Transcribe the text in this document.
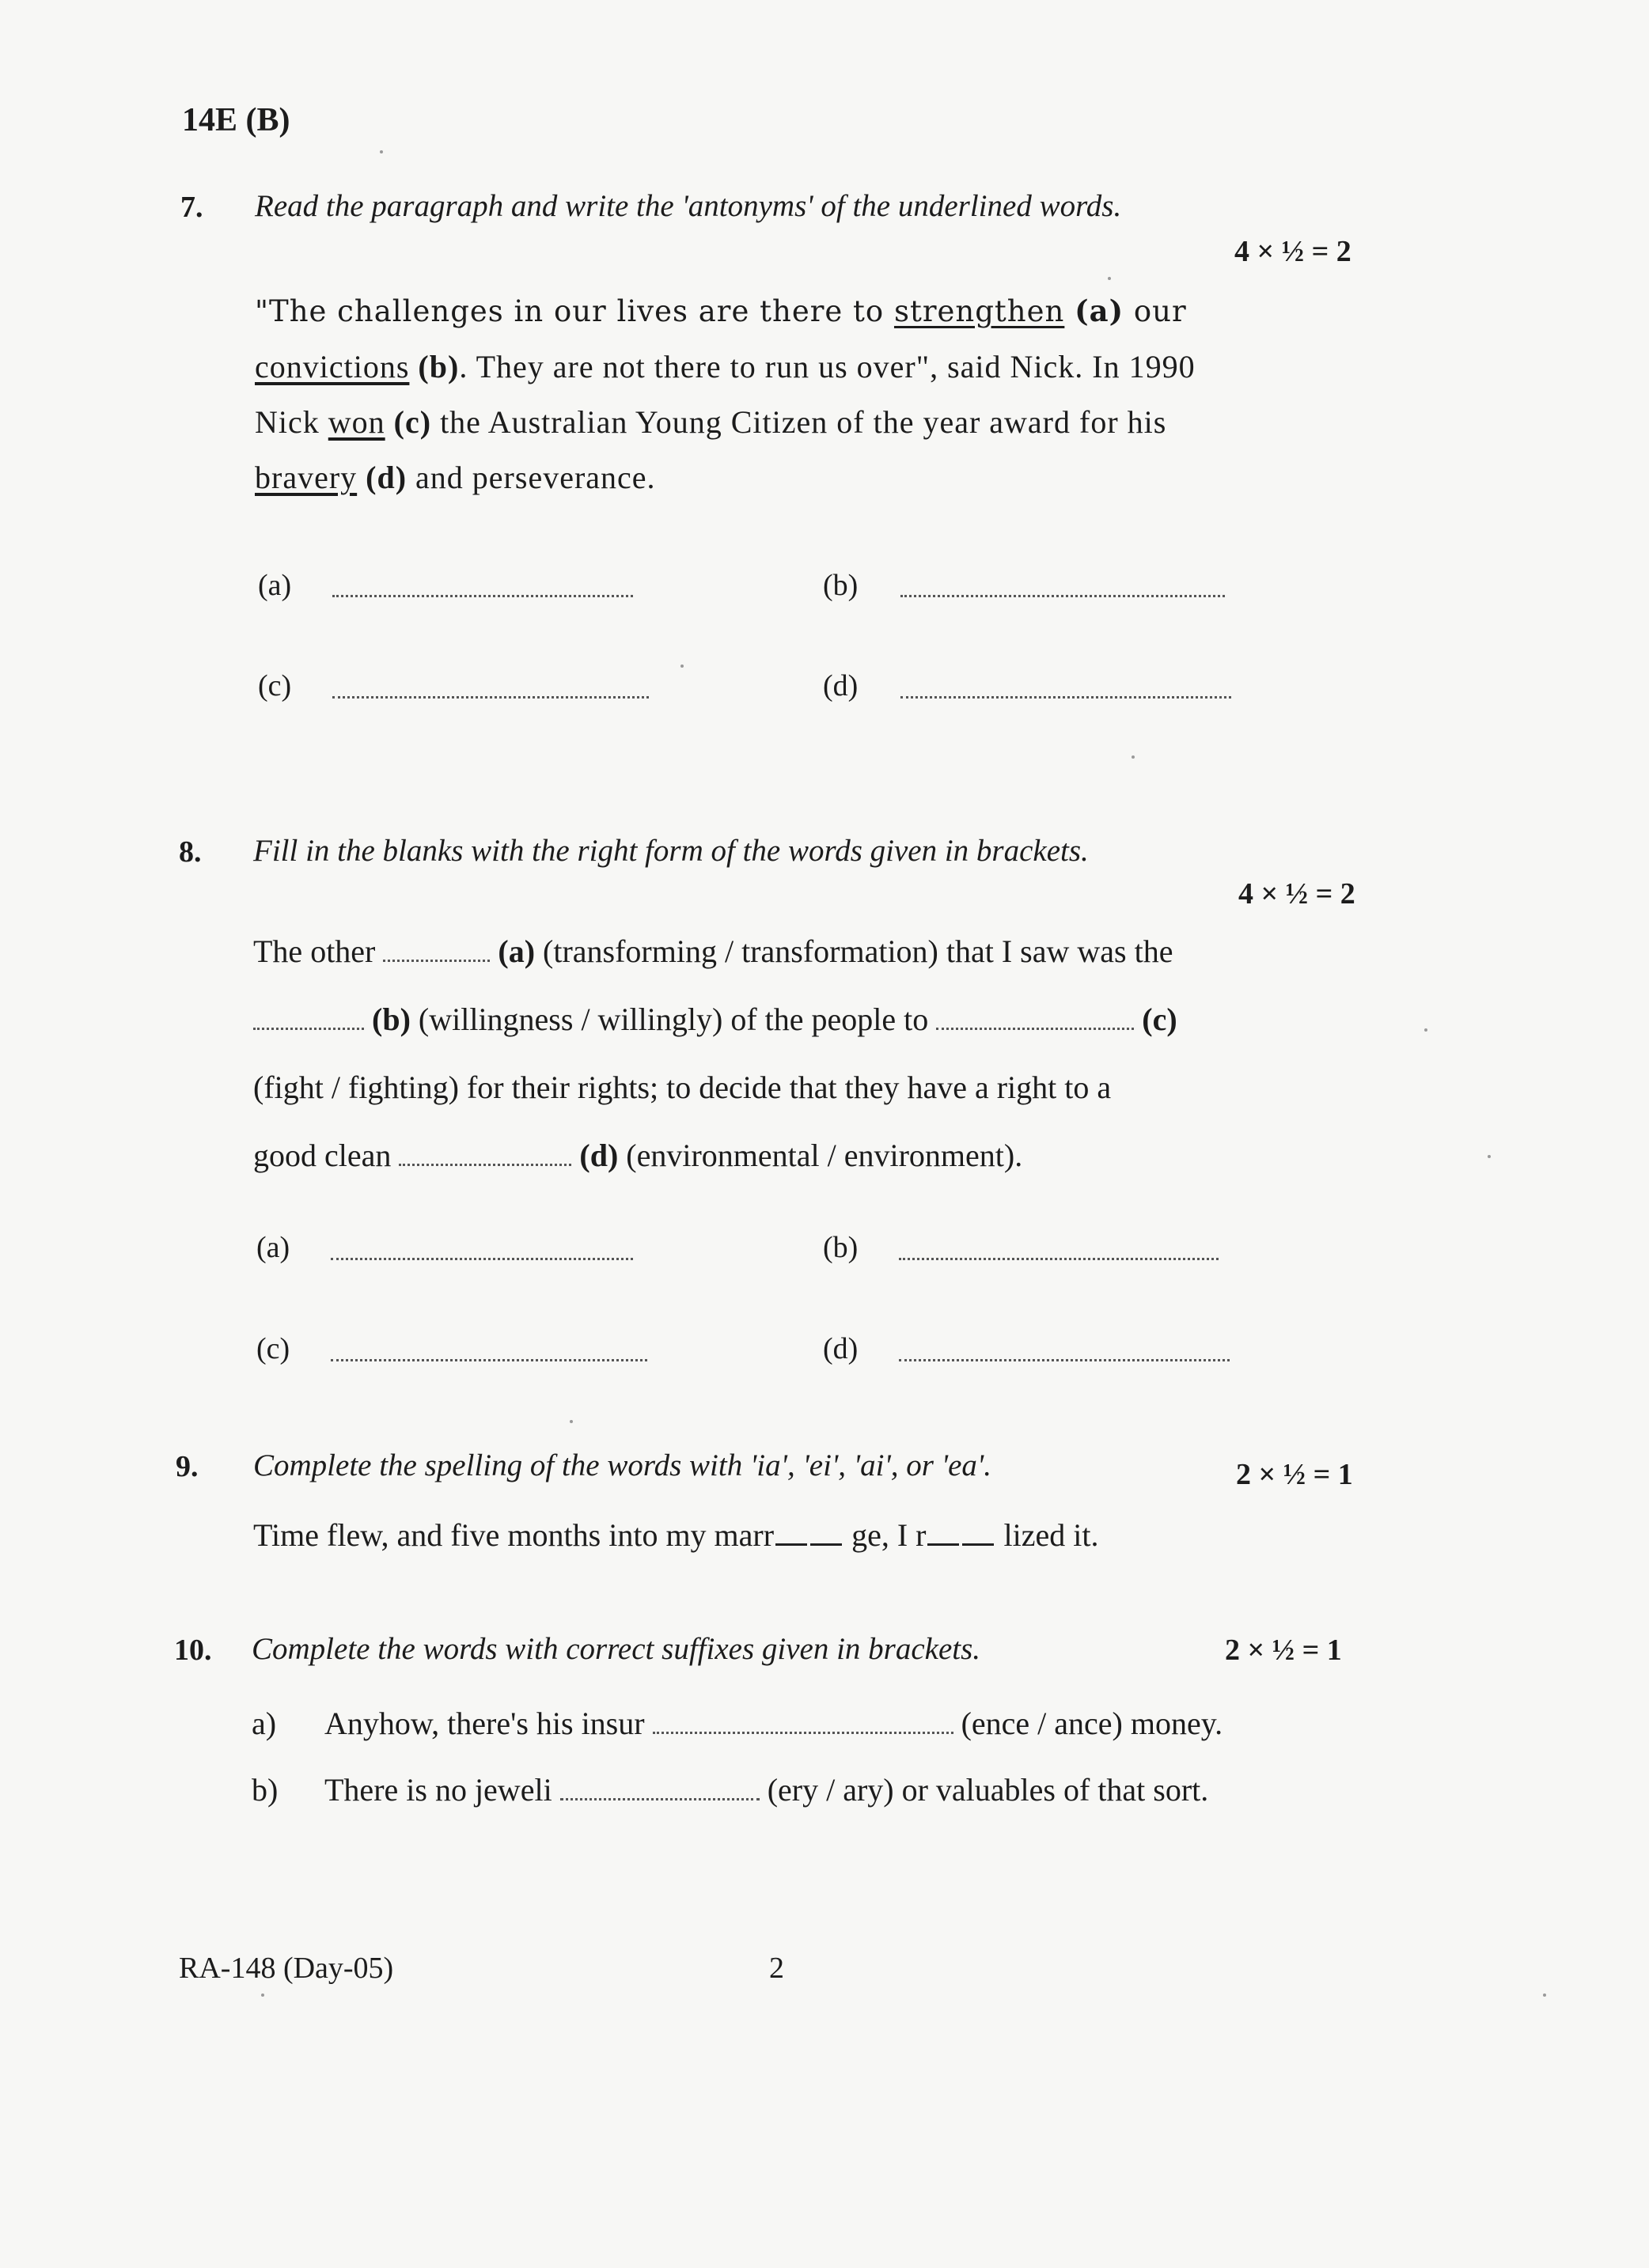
14E (B)
7. Read the paragraph and write the 'antonyms' of the underlined words.
4 × ½ = 2
"The challenges in our lives are there to strengthen (a) our
convictions (b). They are not there to run us over", said Nick. In 1990
Nick won (c) the Australian Young Citizen of the year award for his
bravery (d) and perseverance.
(a)	(b)
(c)	(d)
8. Fill in the blanks with the right form of the words given in brackets.
4 × ½ = 2
The other	(a) (transforming / transformation) that I saw was the
(b) (willingness / willingly) of the people to	(c)
(fight / fighting) for their rights; to decide that they have a right to a
good clean	(d) (environmental / environment).
(a)	(b)
(c)	(d)
9. Complete the spelling of the words with 'ia', 'ei', 'ai', or 'ea'.	2 × ½ = 1
Time flew, and five months into my marr ge, I r lized it.
10. Complete the words with correct suffixes given in brackets.	2 × ½ = 1
a) Anyhow, there's his insur	(ence / ance) money.
b) There is no jeweli	(ery / ary) or valuables of that sort.
RA-148 (Day-05)	2
